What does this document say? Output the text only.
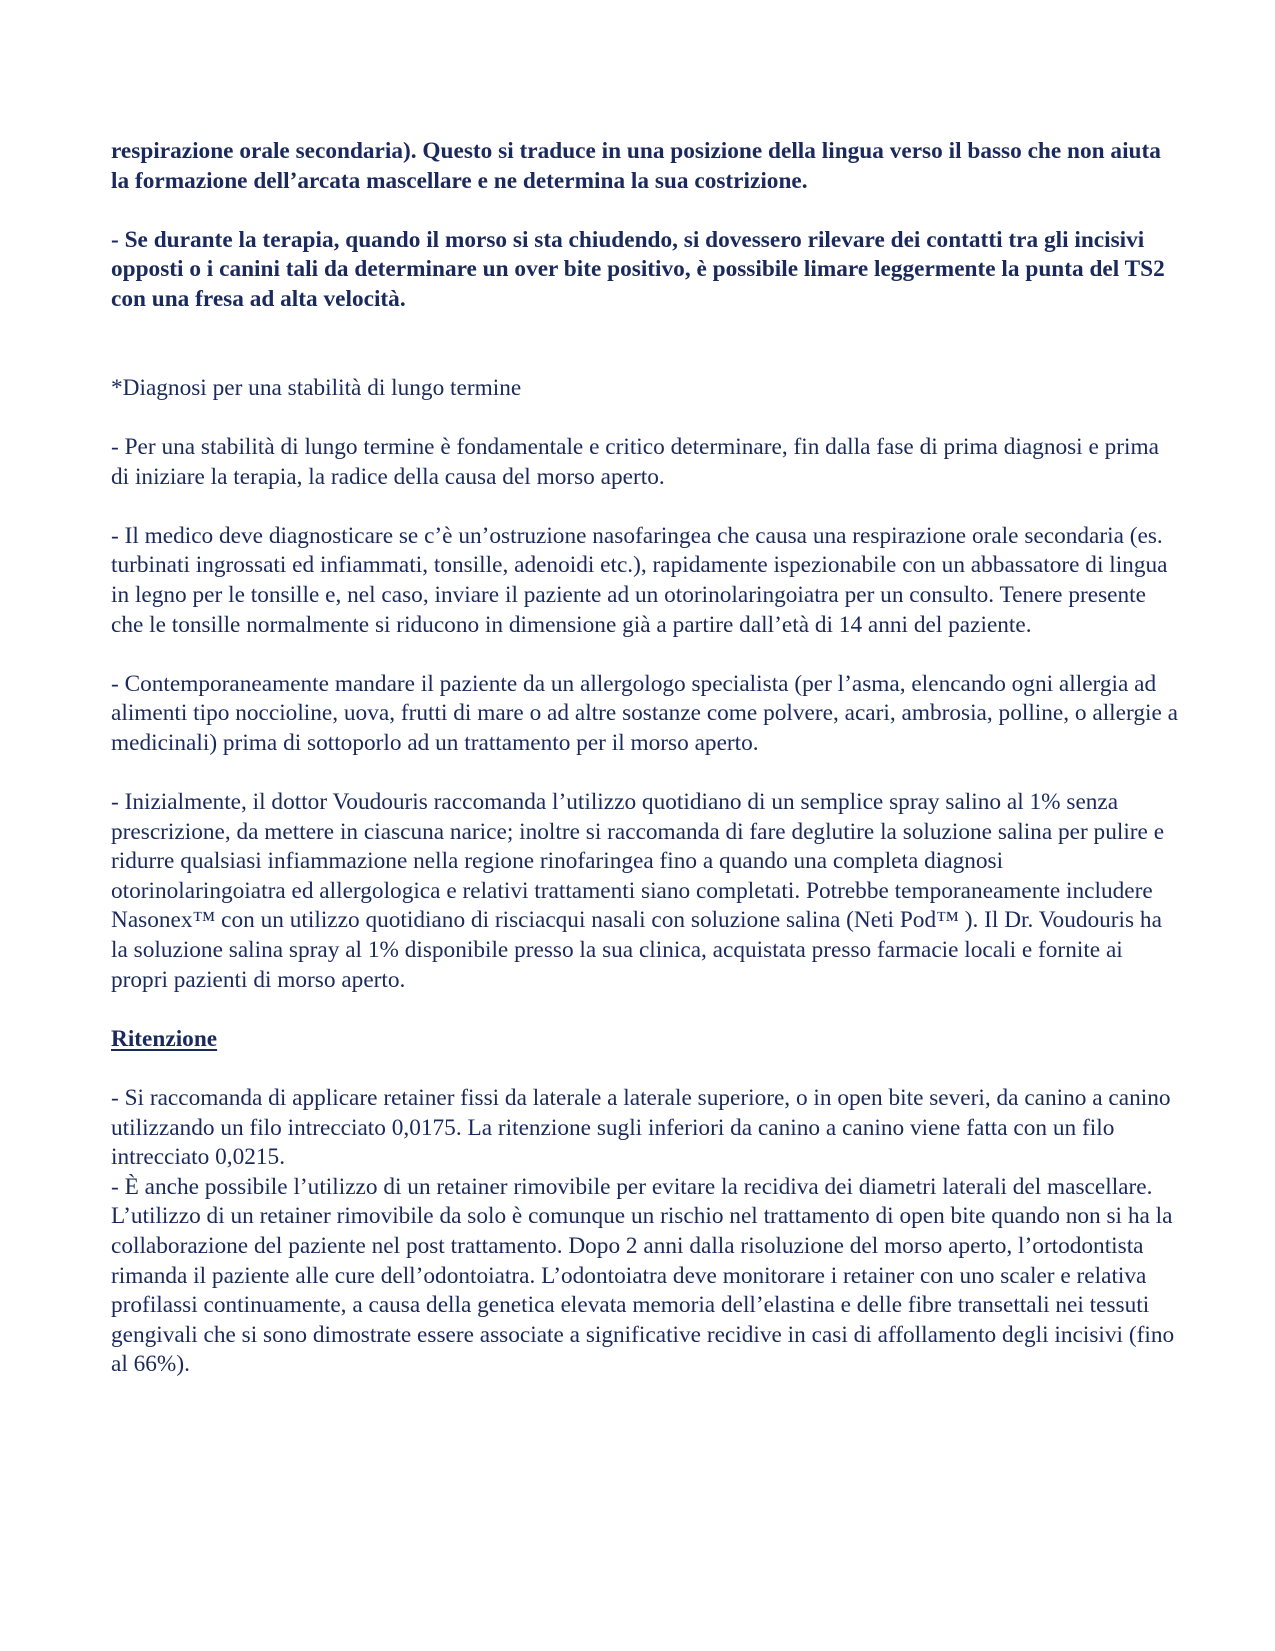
respirazione orale secondaria). Questo si traduce in una posizione della lingua verso il basso che non aiuta la formazione dell’arcata mascellare e ne determina la sua costrizione.

- Se durante la terapia, quando il morso si sta chiudendo, si dovessero rilevare dei contatti tra gli incisivi opposti o i canini tali da determinare un over bite positivo, è possibile limare leggermente la punta del TS2 con una fresa ad alta velocità.

*Diagnosi per una stabilità di lungo termine

- Per una stabilità di lungo termine è fondamentale e critico determinare, fin dalla fase di prima diagnosi e prima di iniziare la terapia, la radice della causa del morso aperto.

- Il medico deve diagnosticare se c’è un’ostruzione nasofaringea che causa una respirazione orale secondaria (es. turbinati ingrossati ed infiammati, tonsille, adenoidi etc.), rapidamente ispezionabile con un abbassatore di lingua in legno per le tonsille e, nel caso, inviare il paziente ad un otorinolaringoiatra per un consulto. Tenere presente che le tonsille normalmente si riducono in dimensione già a partire dall’età di 14 anni del paziente.

- Contemporaneamente mandare il paziente da un allergologo specialista (per l’asma, elencando ogni allergia ad alimenti tipo noccioline, uova, frutti di mare o ad altre sostanze come polvere, acari, ambrosia, polline, o allergie a medicinali) prima di sottoporlo ad un trattamento per il morso aperto.

- Inizialmente, il dottor Voudouris raccomanda l’utilizzo quotidiano di un semplice spray salino al 1% senza prescrizione, da mettere in ciascuna narice; inoltre si raccomanda di fare deglutire la soluzione salina per pulire e ridurre qualsiasi infiammazione nella regione rinofaringea fino a quando una completa diagnosi otorinolaringoiatra ed allergologica e relativi trattamenti siano completati. Potrebbe temporaneamente includere Nasonex™ con un utilizzo quotidiano di risciacqui nasali con soluzione salina (Neti Pod™ ). Il Dr. Voudouris ha la soluzione salina spray al 1% disponibile presso la sua clinica, acquistata presso farmacie locali e fornite ai propri pazienti di morso aperto.

Ritenzione

- Si raccomanda di applicare retainer fissi da laterale a laterale superiore, o in open bite severi, da canino a canino utilizzando un filo intrecciato 0,0175. La ritenzione sugli inferiori da canino a canino viene fatta con un filo intrecciato 0,0215.

- È anche possibile l’utilizzo di un retainer rimovibile per evitare la recidiva dei diametri laterali del mascellare. L’utilizzo di un retainer rimovibile da solo è comunque un rischio nel trattamento di open bite quando non si ha la collaborazione del paziente nel post trattamento. Dopo 2 anni dalla risoluzione del morso aperto, l’ortodontista rimanda il paziente alle cure dell’odontoiatra. L’odontoiatra deve monitorare i retainer con uno scaler e relativa profilassi continuamente, a causa della genetica elevata memoria dell’elastina e delle fibre transettali nei tessuti gengivali che si sono dimostrate essere associate a significative recidive in casi di affollamento degli incisivi (fino al 66%).
